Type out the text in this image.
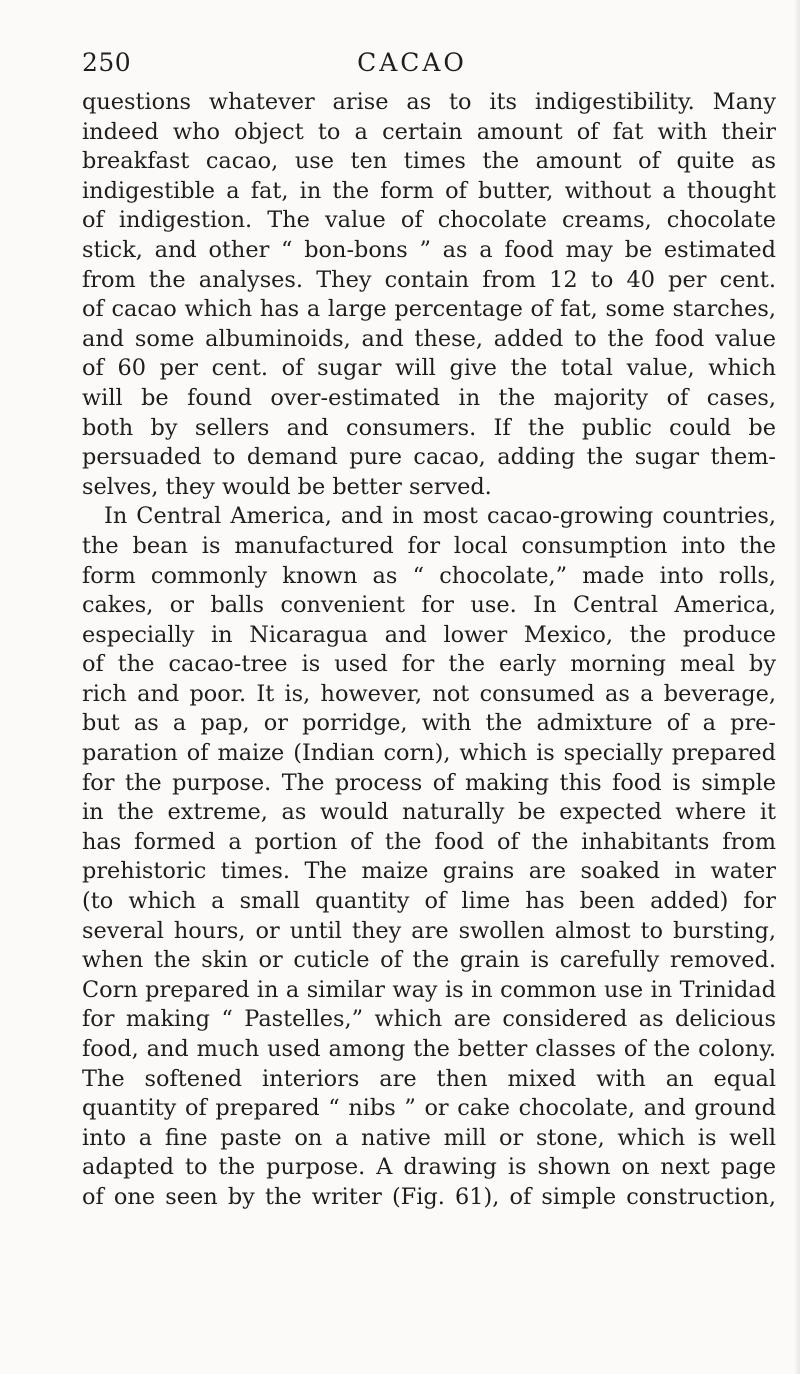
250	CACAO
questions whatever arise as to its indigestibility. Many
indeed who object to a certain amount of fat with their
breakfast cacao, use ten times the amount of quite as
indigestible a fat, in the form of butter, without a thought
of indigestion. The value of chocolate creams, chocolate
stick, and other “ bon-bons ” as a food may be estimated
from the analyses. They contain from 12 to 40 per cent.
of cacao which has a large percentage of fat, some starches,
and some albuminoids, and these, added to the food value
of 60 per cent. of sugar will give the total value, which
will be found over-estimated in the majority of cases,
both by sellers and consumers. If the public could be
persuaded to demand pure cacao, adding the sugar them-
selves, they would be better served.
In Central America, and in most cacao-growing countries,
the bean is manufactured for local consumption into the
form commonly known as “ chocolate,” made into rolls,
cakes, or balls convenient for use. In Central America,
especially in Nicaragua and lower Mexico, the produce
of the cacao-tree is used for the early morning meal by
rich and poor. It is, however, not consumed as a beverage,
but as a pap, or porridge, with the admixture of a pre-
paration of maize (Indian corn), which is specially prepared
for the purpose. The process of making this food is simple
in the extreme, as would naturally be expected where it
has formed a portion of the food of the inhabitants from
prehistoric times. The maize grains are soaked in water
(to which a small quantity of lime has been added) for
several hours, or until they are swollen almost to bursting,
when the skin or cuticle of the grain is carefully removed.
Corn prepared in a similar way is in common use in Trinidad
for making “ Pastelles,” which are considered as delicious
food, and much used among the better classes of the colony.
The softened interiors are then mixed with an equal
quantity of prepared “ nibs ” or cake chocolate, and ground
into a fine paste on a native mill or stone, which is well
adapted to the purpose. A drawing is shown on next page
of one seen by the writer (Fig. 61), of simple construction,
